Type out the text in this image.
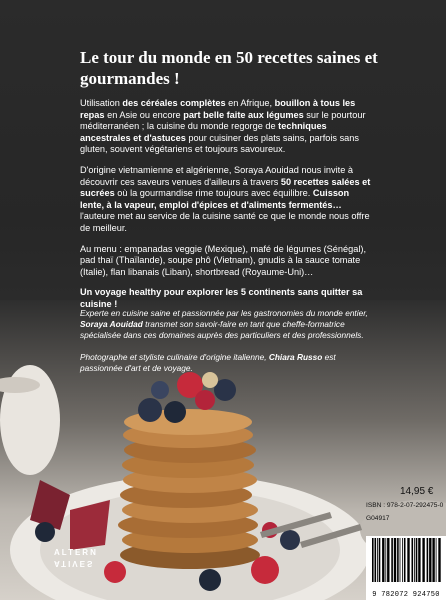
Le tour du monde en 50 recettes saines et gourmandes !

Utilisation des céréales complètes en Afrique, bouillon à tous les repas en Asie ou encore part belle faite aux légumes sur le pourtour méditerranéen ; la cuisine du monde regorge de techniques ancestrales et d'astuces pour cuisiner des plats sains, parfois sans gluten, souvent végétariens et toujours savoureux.

D'origine vietnamienne et algérienne, Soraya Aouidad nous invite à découvrir ces saveurs venues d'ailleurs à travers 50 recettes salées et sucrées où la gourmandise rime toujours avec équilibre. Cuisson lente, à la vapeur, emploi d'épices et d'aliments fermentés… l'auteure met au service de la cuisine santé ce que le monde nous offre de meilleur.

Au menu : empanadas veggie (Mexique), mafé de légumes (Sénégal), pad thaï (Thaïlande), soupe phô (Vietnam), gnudis à la sauce tomate (Italie), flan libanais (Liban), shortbread (Royaume-Uni)…

Un voyage healthy pour explorer les 5 continents sans quitter sa cuisine !

Experte en cuisine saine et passionnée par les gastronomies du monde entier, Soraya Aouidad transmet son savoir-faire en tant que cheffe-formatrice spécialisée dans ces domaines auprès des particuliers et des professionnels.

Photographe et styliste culinaire d'origine italienne, Chiara Russo est passionnée d'art et de voyage.

ALTERN
ATIVES
14,95 €
ISBN : 978-2-07-292475-0
G04917
9 782072 924750
